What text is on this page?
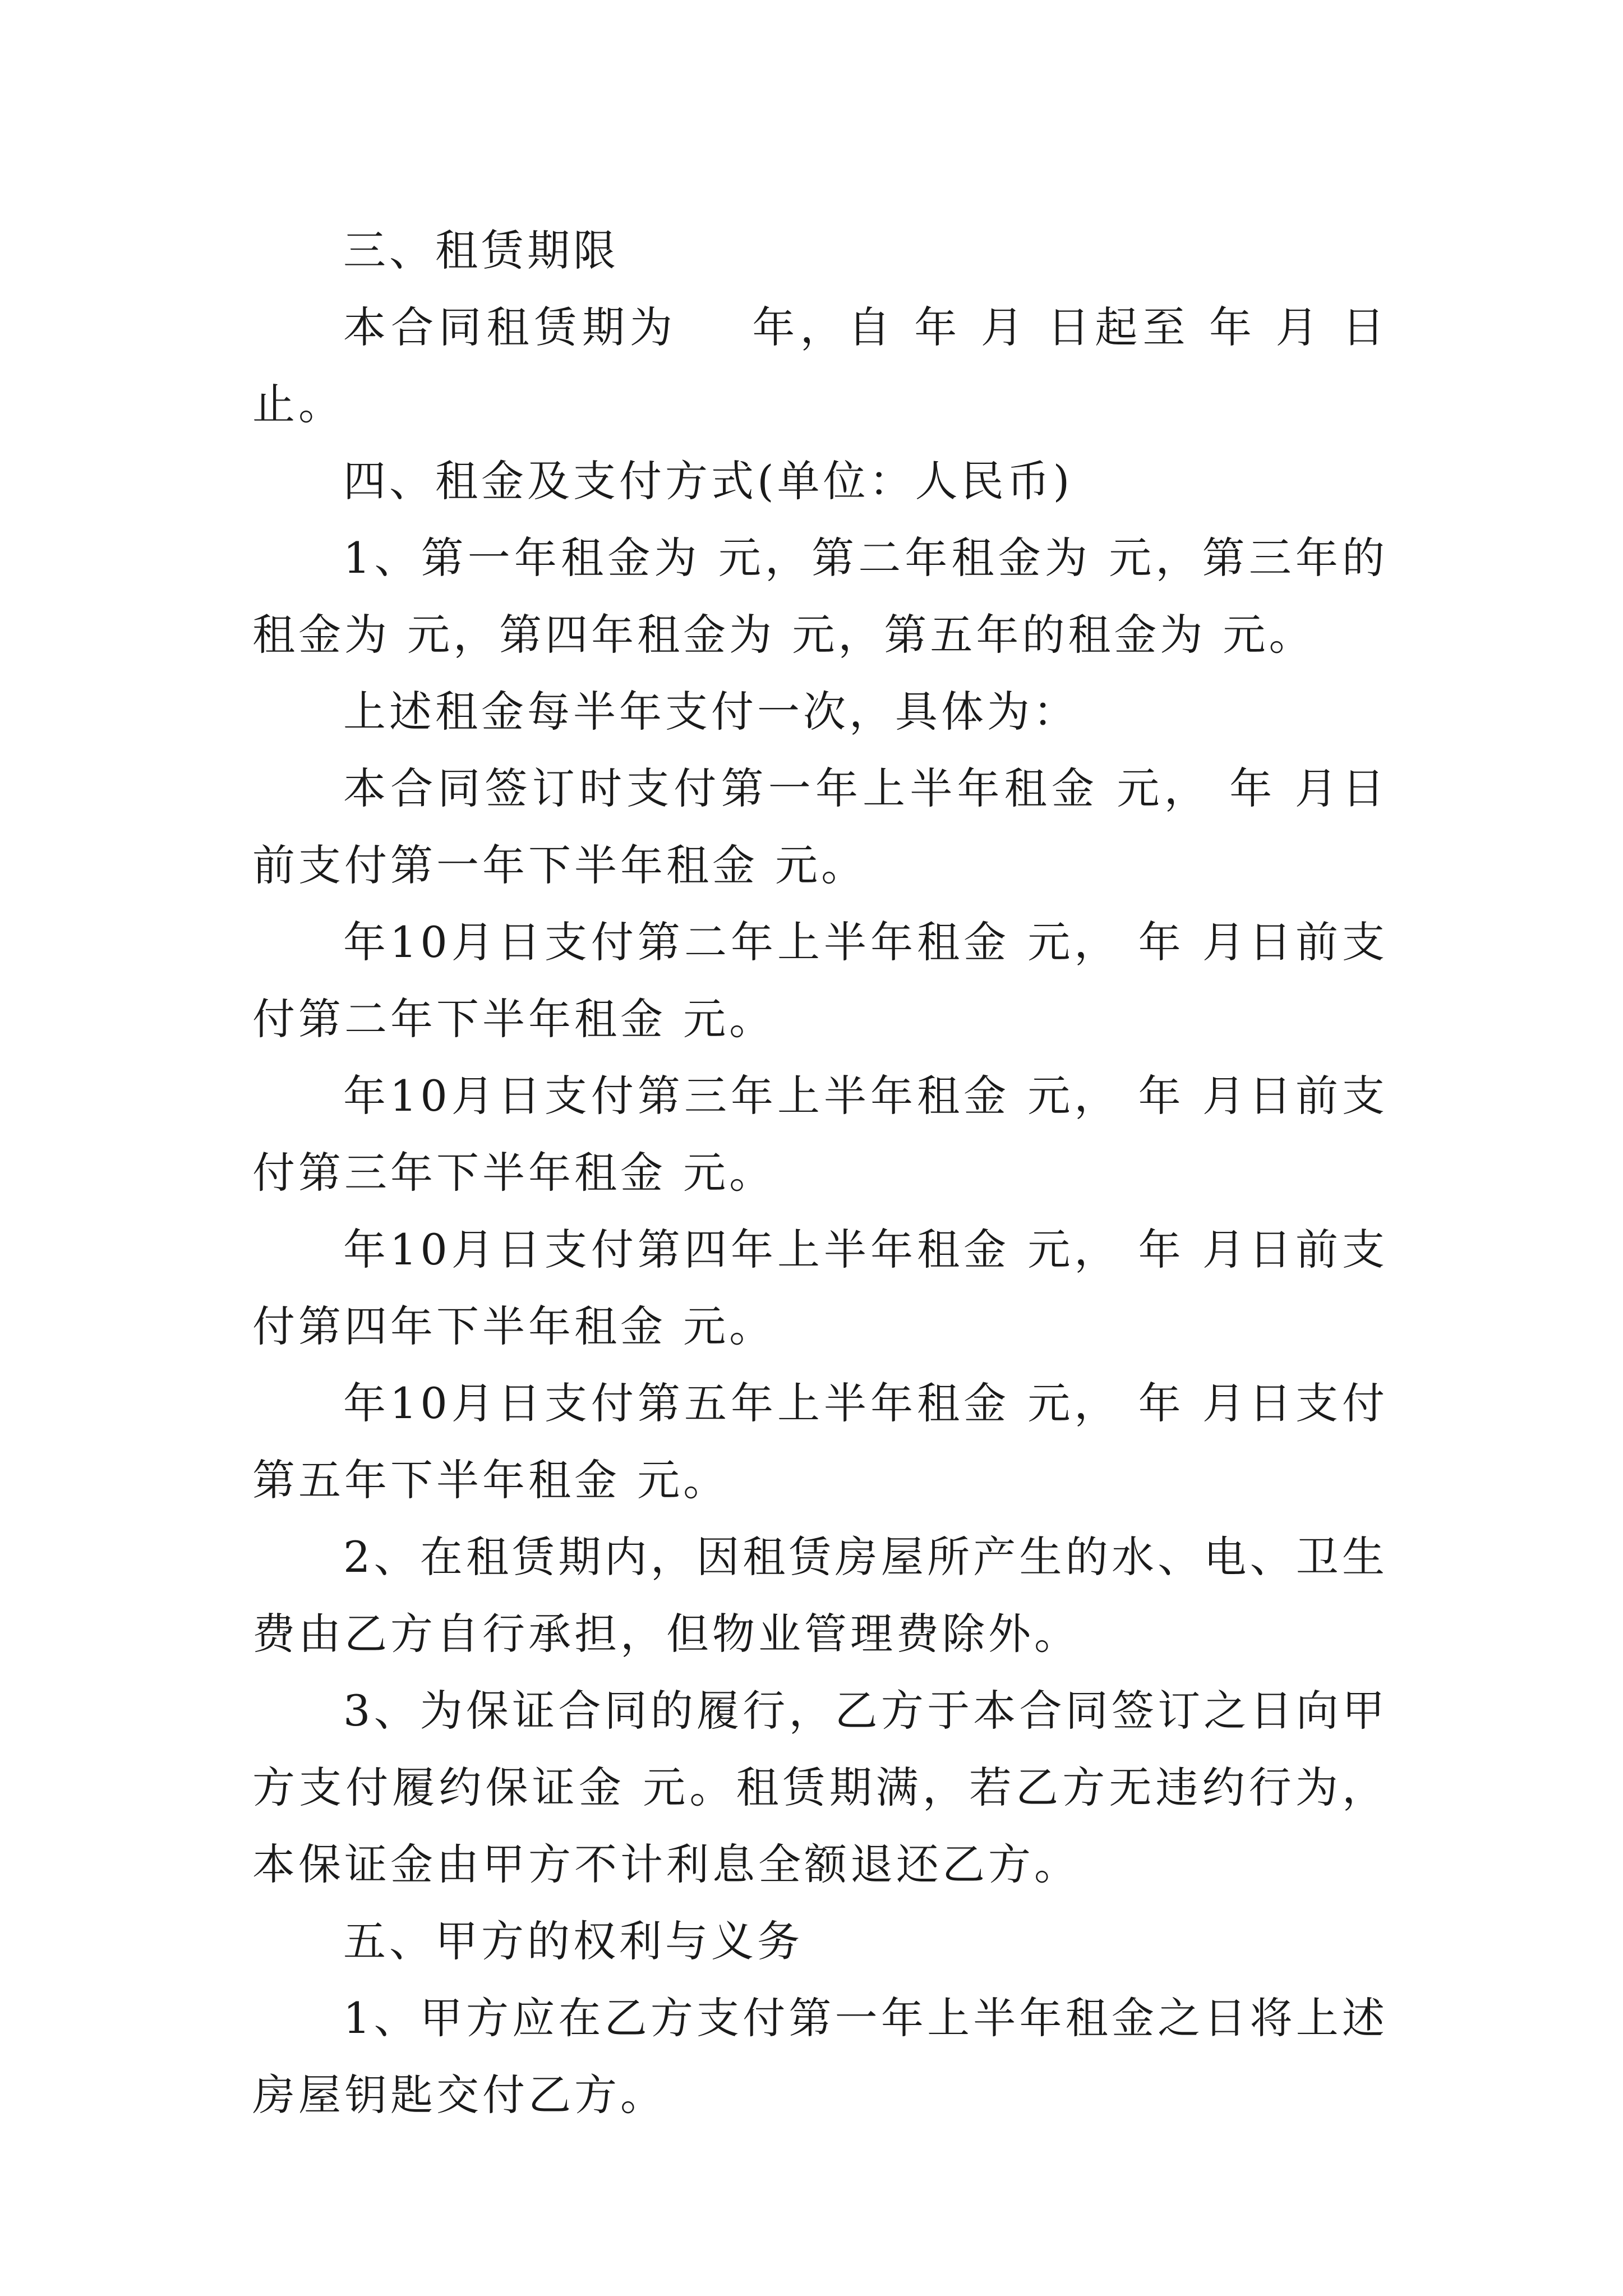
三、租赁期限

本合同租赁期为    年，自 年 月 日起至 年 月 日止。

四、租金及支付方式(单位：人民币)

1、第一年租金为 元，第二年租金为 元，第三年的租金为 元，第四年租金为 元，第五年的租金为 元。

上述租金每半年支付一次，具体为：

本合同签订时支付第一年上半年租金 元， 年 月日前支付第一年下半年租金 元。

年10月日支付第二年上半年租金 元， 年 月日前支付第二年下半年租金 元。

年10月日支付第三年上半年租金 元， 年 月日前支付第三年下半年租金 元。

年10月日支付第四年上半年租金 元， 年 月日前支付第四年下半年租金 元。

年10月日支付第五年上半年租金 元， 年 月日支付第五年下半年租金 元。

2、在租赁期内，因租赁房屋所产生的水、电、卫生费由乙方自行承担，但物业管理费除外。

3、为保证合同的履行，乙方于本合同签订之日向甲方支付履约保证金 元。租赁期满，若乙方无违约行为，本保证金由甲方不计利息全额退还乙方。

五、甲方的权利与义务

1、甲方应在乙方支付第一年上半年租金之日将上述房屋钥匙交付乙方。
